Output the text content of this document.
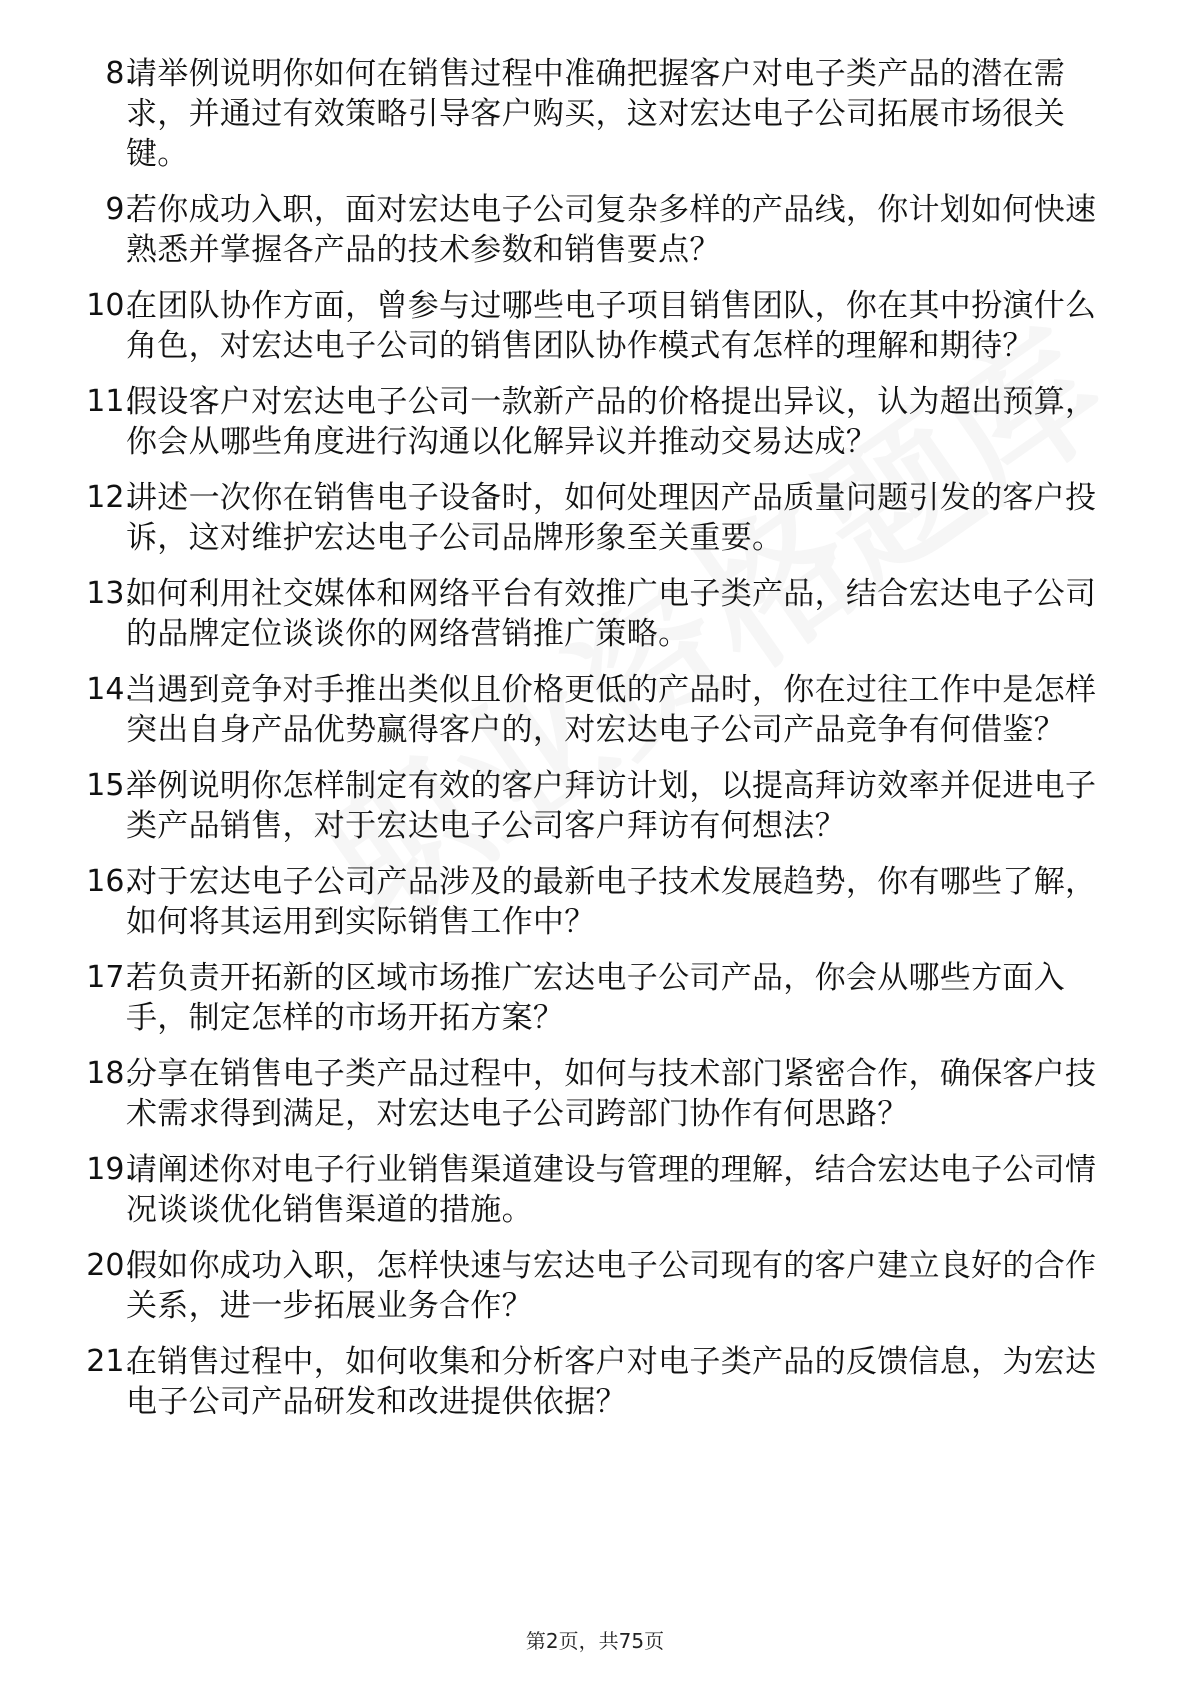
8.
请举例说明你如何在销售过程中准确把握客户对电子类产品的潜在需求，并通过有效策略引导客户购买，这对宏达电子公司拓展市场很关键。
9.
若你成功入职，面对宏达电子公司复杂多样的产品线，你计划如何快速熟悉并掌握各产品的技术参数和销售要点？
10.
在团队协作方面，曾参与过哪些电子项目销售团队，你在其中扮演什么角色，对宏达电子公司的销售团队协作模式有怎样的理解和期待？
11.
假设客户对宏达电子公司一款新产品的价格提出异议，认为超出预算，你会从哪些角度进行沟通以化解异议并推动交易达成？
12.
讲述一次你在销售电子设备时，如何处理因产品质量问题引发的客户投诉，这对维护宏达电子公司品牌形象至关重要。
13.
如何利用社交媒体和网络平台有效推广电子类产品，结合宏达电子公司的品牌定位谈谈你的网络营销推广策略。
14.
当遇到竞争对手推出类似且价格更低的产品时，你在过往工作中是怎样突出自身产品优势赢得客户的，对宏达电子公司产品竞争有何借鉴？
15.
举例说明你怎样制定有效的客户拜访计划，以提高拜访效率并促进电子类产品销售，对于宏达电子公司客户拜访有何想法？
16.
对于宏达电子公司产品涉及的最新电子技术发展趋势，你有哪些了解，如何将其运用到实际销售工作中？
17.
若负责开拓新的区域市场推广宏达电子公司产品，你会从哪些方面入手，制定怎样的市场开拓方案？
18.
分享在销售电子类产品过程中，如何与技术部门紧密合作，确保客户技术需求得到满足，对宏达电子公司跨部门协作有何思路？
19.
请阐述你对电子行业销售渠道建设与管理的理解，结合宏达电子公司情况谈谈优化销售渠道的措施。
20.
假如你成功入职，怎样快速与宏达电子公司现有的客户建立良好的合作关系，进一步拓展业务合作？
21.
在销售过程中，如何收集和分析客户对电子类产品的反馈信息，为宏达电子公司产品研发和改进提供依据？
第2页，共75页
